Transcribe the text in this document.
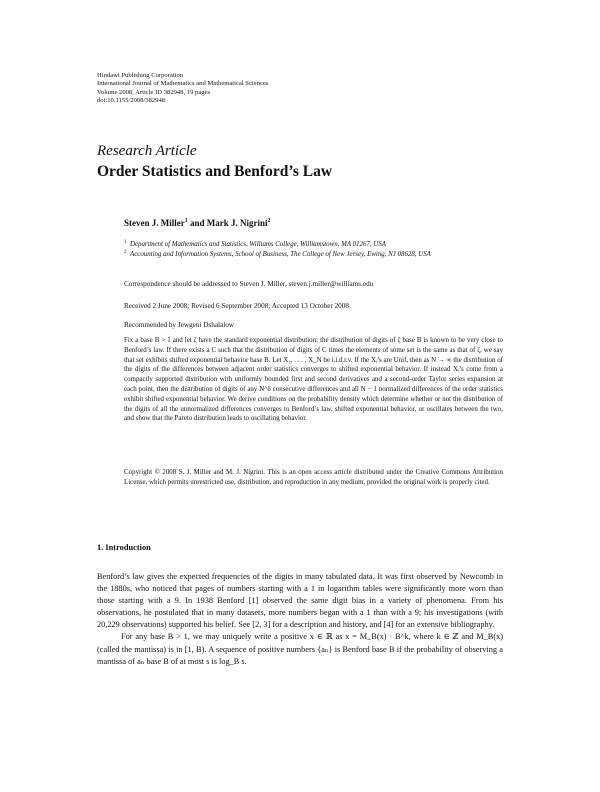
Hindawi Publishing Corporation
International Journal of Mathematics and Mathematical Sciences
Volume 2008, Article ID 382948, 19 pages
doi:10.1155/2008/382948
Research Article
Order Statistics and Benford’s Law
Steven J. Miller$^1$ and Mark J. Nigrini$^2$
1 Department of Mathematics and Statistics, Williams College, Williamstown, MA 01267, USA
2 Accounting and Information Systems, School of Business, The College of New Jersey, Ewing, NJ 08628, USA
Correspondence should be addressed to Steven J. Miller, steven.j.miller@williams.edu
Received 2 June 2008; Revised 6 September 2008; Accepted 13 October 2008
Recommended by Jewgeni Dshalalow
Fix a base B > 1 and let ζ have the standard exponential distribution; the distribution of digits of ζ base B is known to be very close to Benford’s law. If there exists a C such that the distribution of digits of C times the elements of some set is the same as that of ζ, we say that set exhibits shifted exponential behavior base B. Let X₁, . . . , X_N be i.i.d.r.v. If the Xᵢ’s are Unif, then as N → ∞ the distribution of the digits of the differences between adjacent order statistics converges to shifted exponential behavior. If instead Xᵢ’s come from a compactly supported distribution with uniformly bounded first and second derivatives and a second-order Taylor series expansion at each point, then the distribution of digits of any N^δ consecutive differences and all N − 1 normalized differences of the order statistics exhibit shifted exponential behavior. We derive conditions on the probability density which determine whether or not the distribution of the digits of all the unnormalized differences converges to Benford’s law, shifted exponential behavior, or oscillates between the two, and show that the Pareto distribution leads to oscillating behavior.
Copyright © 2008 S. J. Miller and M. J. Nigrini. This is an open access article distributed under the Creative Commons Attribution License, which permits unrestricted use, distribution, and reproduction in any medium, provided the original work is properly cited.
1. Introduction

Benford’s law gives the expected frequencies of the digits in many tabulated data. It was first observed by Newcomb in the 1880s, who noticed that pages of numbers starting with a 1 in logarithm tables were significantly more worn than those starting with a 9. In 1938 Benford [1] observed the same digit bias in a variety of phenomena. From his observations, he postulated that in many datasets, more numbers began with a 1 than with a 9; his investigations (with 20,229 observations) supported his belief. See [2, 3] for a description and history, and [4] for an extensive bibliography.

For any base B > 1, we may uniquely write a positive x ∈ ℝ as x = M_B(x) · B^k, where k ∈ ℤ and M_B(x) (called the mantissa) is in [1, B). A sequence of positive numbers {aₙ} is Benford base B if the probability of observing a mantissa of aₙ base B of at most s is log_B s.
